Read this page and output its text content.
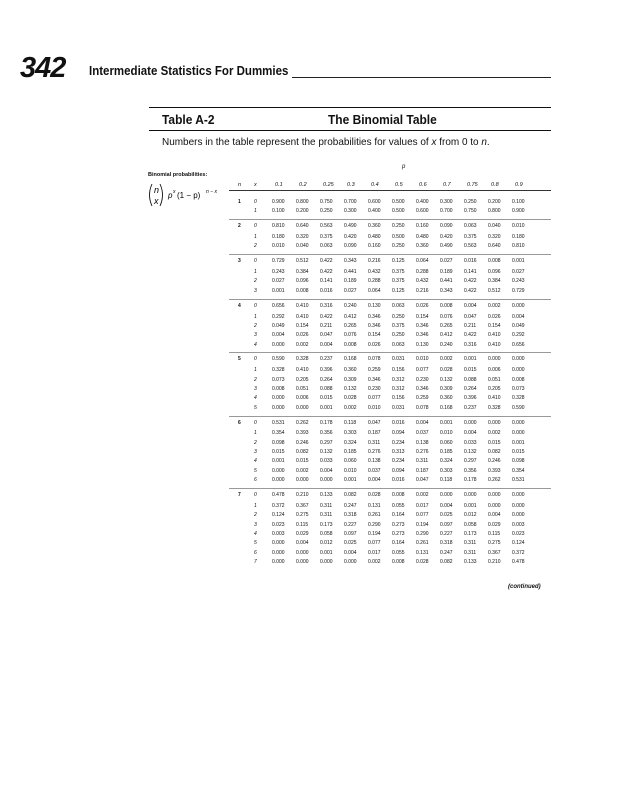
342 Intermediate Statistics For Dummies
Table A-2	The Binomial Table
Numbers in the table represent the probabilities for values of x from 0 to n.
Binomial probabilities:
n
x
p x (1 − p) n − x
p
n x	0.1	0.2	0.25 0.3	0.4	0.5	0.6	0.7	0.75 0.8	0.9
1	0	0.900 0.800 0.750 0.700 0.600 0.500 0.400 0.300 0.250 0.200 0.100
1	0.100 0.200 0.250 0.300 0.400 0.500 0.600 0.700 0.750 0.800 0.900
2	0	0.810 0.640 0.563 0.490 0.360 0.250 0.160 0.090 0.063 0.040 0.010
1	0.180 0.320 0.375 0.420 0.480 0.500 0.480 0.420 0.375 0.320 0.180
2	0.010 0.040 0.063 0.090 0.160 0.250 0.360 0.490 0.563 0.640 0.810
3	0	0.729 0.512 0.422 0.343 0.216 0.125 0.064 0.027 0.016 0.008 0.001
1	0.243 0.384 0.422 0.441 0.432 0.375 0.288 0.189 0.141 0.096 0.027
2	0.027 0.096 0.141 0.189 0.288 0.375 0.432 0.441 0.422 0.384 0.243
3	0.001 0.008 0.016 0.027 0.064 0.125 0.216 0.343 0.422 0.512 0.729
4	0	0.656 0.410 0.316 0.240 0.130 0.063 0.026 0.008 0.004 0.002 0.000
1	0.292 0.410 0.422 0.412 0.346 0.250 0.154 0.076 0.047 0.026 0.004
2	0.049 0.154 0.211 0.265 0.346 0.375 0.346 0.265 0.211 0.154 0.049
3	0.004 0.026 0.047 0.076 0.154 0.250 0.346 0.412 0.422 0.410 0.292
4	0.000 0.002 0.004 0.008 0.026 0.063 0.130 0.240 0.316 0.410 0.656
5	0	0.590 0.328 0.237 0.168 0.078 0.031 0.010 0.002 0.001 0.000 0.000
1	0.328 0.410 0.396 0.360 0.259 0.156 0.077 0.028 0.015 0.006 0.000
2	0.073 0.205 0.264 0.309 0.346 0.312 0.230 0.132 0.088 0.051 0.008
3	0.008 0.051 0.088 0.132 0.230 0.312 0.346 0.309 0.264 0.205 0.073
4	0.000 0.006 0.015 0.028 0.077 0.156 0.259 0.360 0.396 0.410 0.328
5	0.000 0.000 0.001 0.002 0.010 0.031 0.078 0.168 0.237 0.328 0.590
6	0	0.531 0.262 0.178 0.118 0.047 0.016 0.004 0.001 0.000 0.000 0.000
1	0.354 0.393 0.356 0.303 0.187 0.094 0.037 0.010 0.004 0.002 0.000
2	0.098 0.246 0.297 0.324 0.311 0.234 0.138 0.060 0.033 0.015 0.001
3	0.015 0.082 0.132 0.185 0.276 0.313 0.276 0.185 0.132 0.082 0.015
4	0.001 0.015 0.033 0.060 0.138 0.234 0.311 0.324 0.297 0.246 0.098
5	0.000 0.002 0.004 0.010 0.037 0.094 0.187 0.303 0.356 0.393 0.354
6	0.000 0.000 0.000 0.001 0.004 0.016 0.047 0.118 0.178 0.262 0.531
7	0	0.478 0.210 0.133 0.082 0.028 0.008 0.002 0.000 0.000 0.000 0.000
1	0.372 0.367 0.311 0.247 0.131 0.055 0.017 0.004 0.001 0.000 0.000
2	0.124 0.275 0.311 0.318 0.261 0.164 0.077 0.025 0.012 0.004 0.000
3	0.023 0.115 0.173 0.227 0.290 0.273 0.194 0.097 0.058 0.029 0.003
4	0.003 0.029 0.058 0.097 0.194 0.273 0.290 0.227 0.173 0.115 0.023
5	0.000 0.004 0.012 0.025 0.077 0.164 0.261 0.318 0.311 0.275 0.124
6	0.000 0.000 0.001 0.004 0.017 0.055 0.131 0.247 0.311 0.367 0.372
7	0.000 0.000 0.000 0.000 0.002 0.008 0.028 0.082 0.133 0.210 0.478
(continued)
